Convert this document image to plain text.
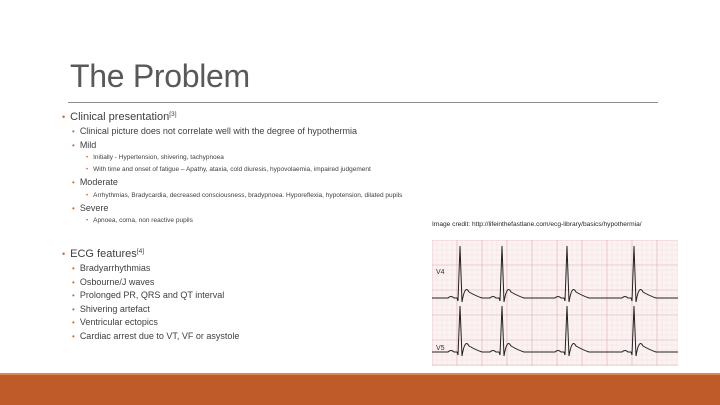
The Problem
• Clinical presentation[3]
• Clinical picture does not correlate well with the degree of hypothermia
• Mild
• Initially - Hypertension, shivering, tachypnoea
• With time and onset of fatigue – Apathy, ataxia, cold diuresis, hypovolaemia, impaired judgement
• Moderate
• Arrhythmias, Bradycardia, decreased consciousness, bradypnoea. Hyporeflexia, hypotension, dilated pupils
• Severe
• Apnoea, coma, non reactive pupils
• ECG features[4]
• Bradyarrhythmias
• Osbourne/J waves
• Prolonged PR, QRS and QT interval
• Shivering artefact
• Ventricular ectopics
• Cardiac arrest due to VT, VF or asystole
Image credit: http://lifeinthefastlane.com/ecg-library/basics/hypothermia/
V4
V5
